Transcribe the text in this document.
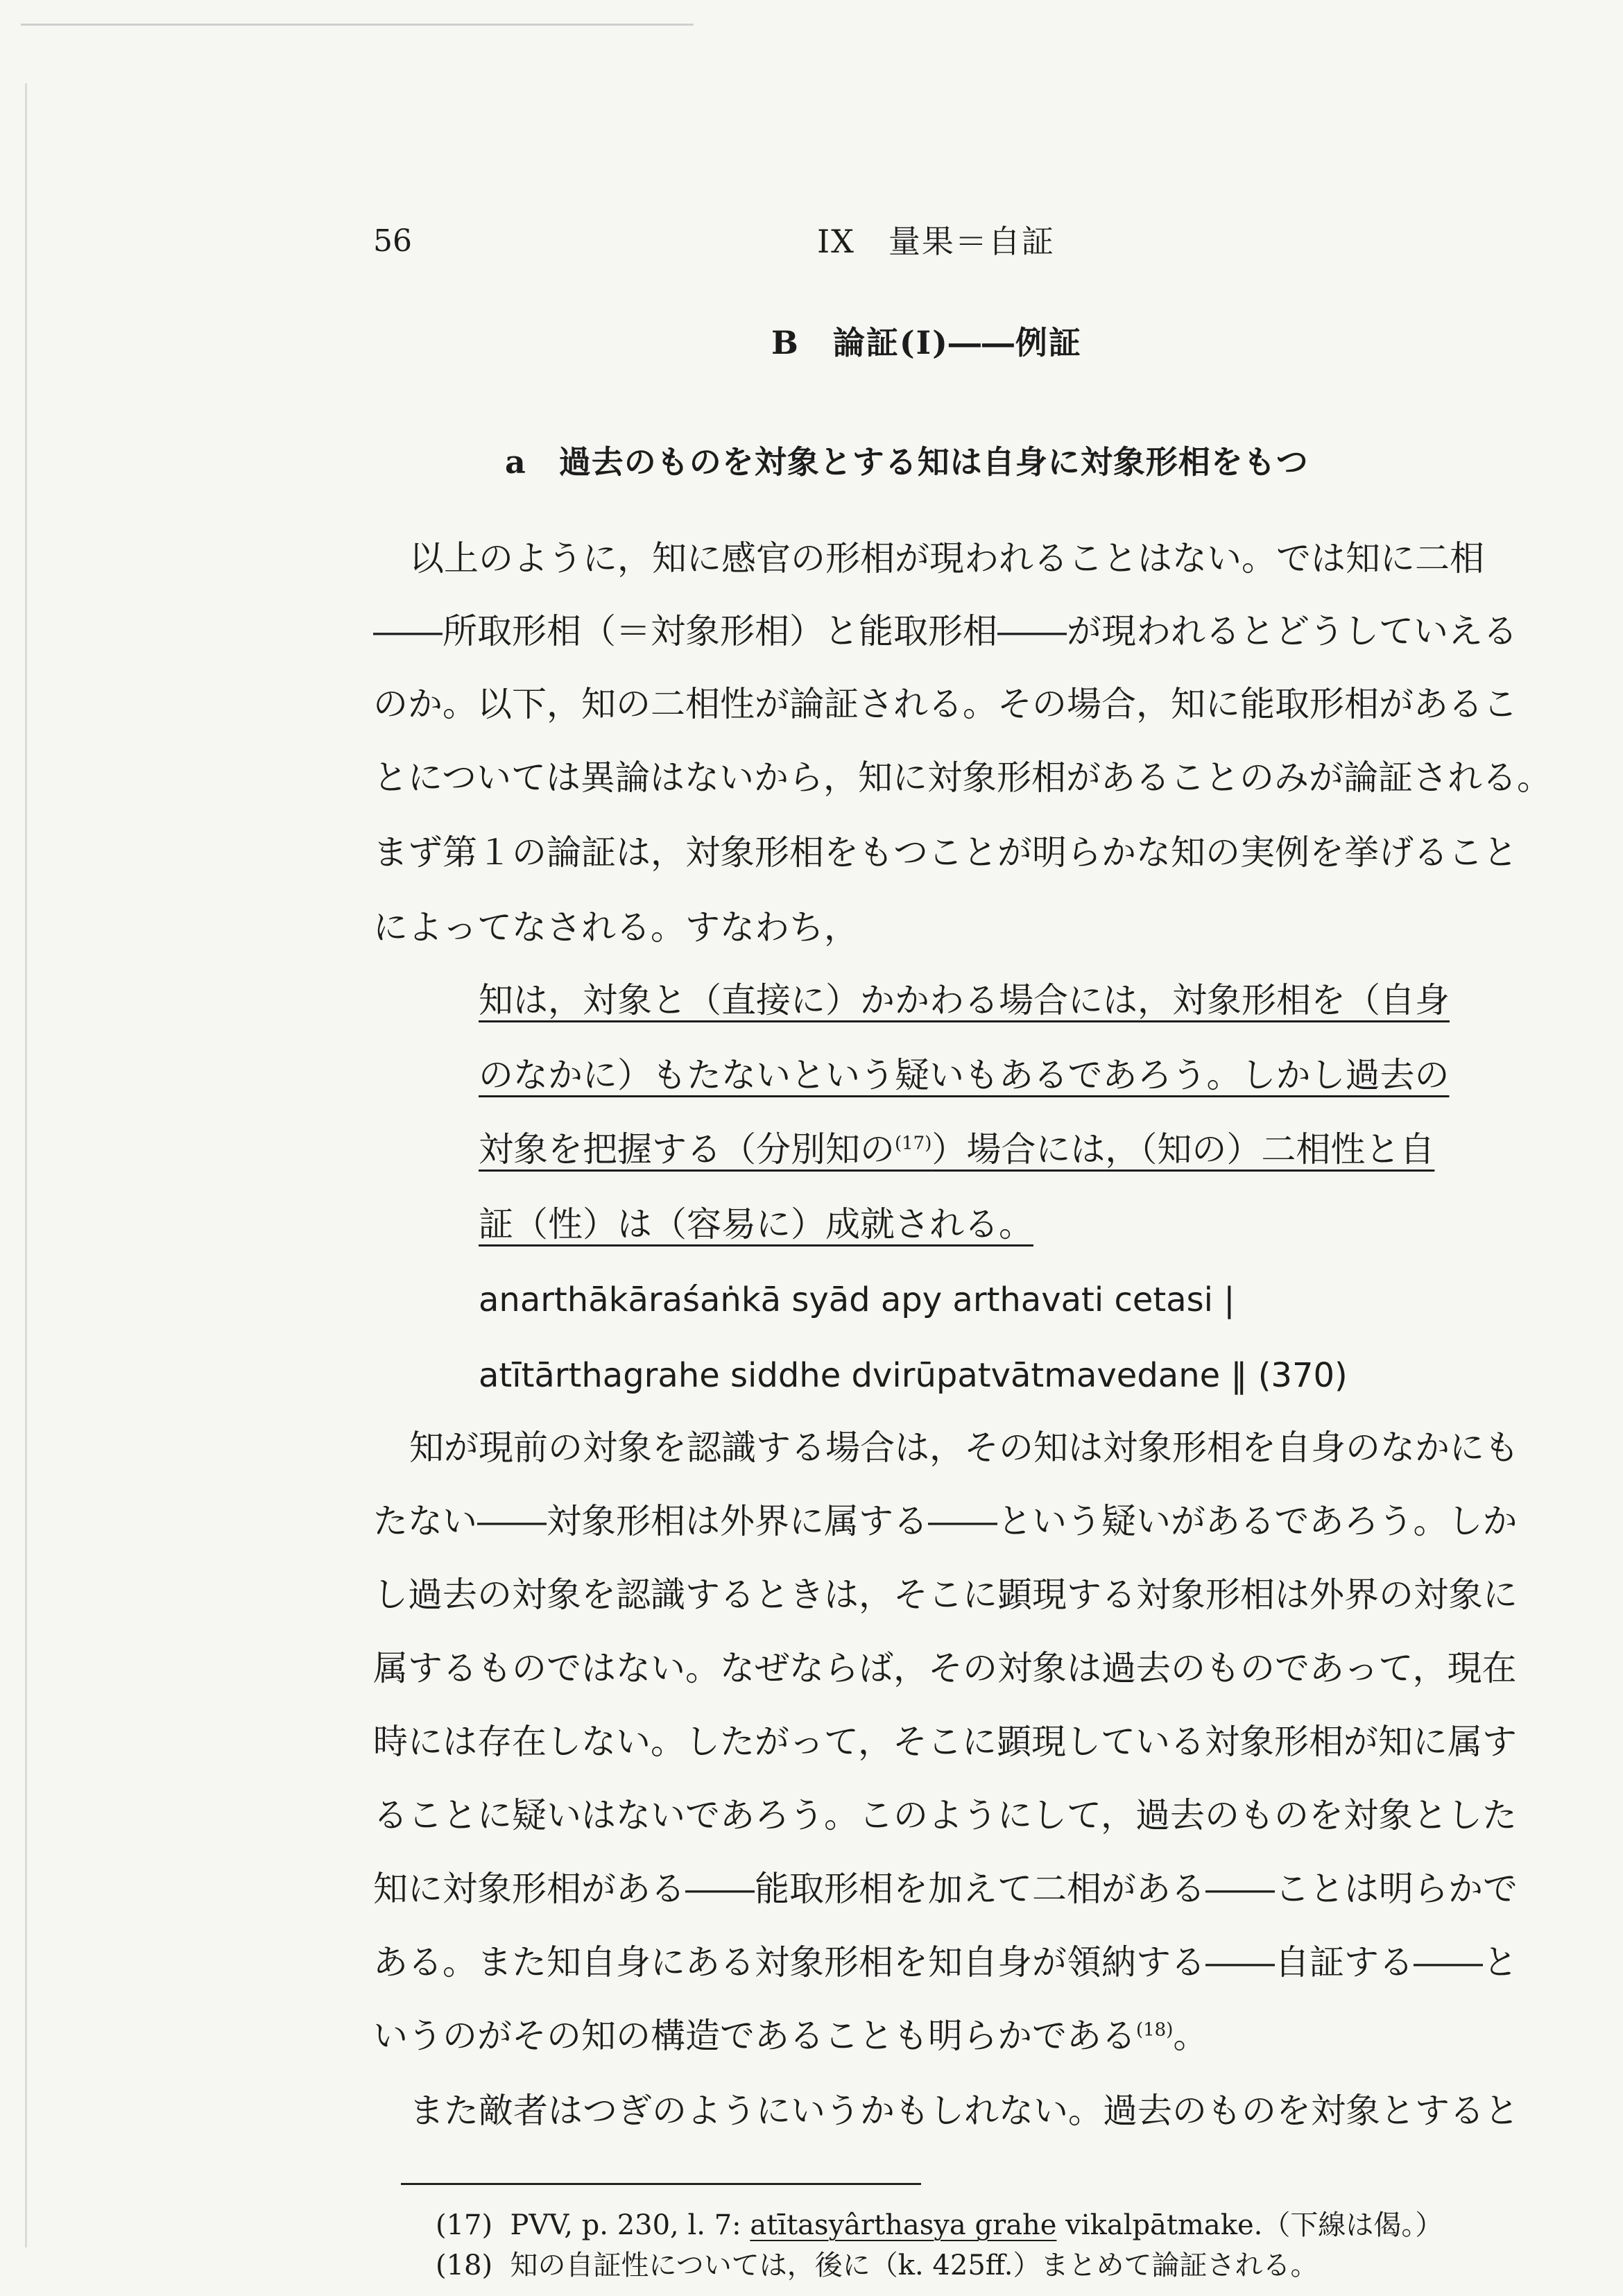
56	IX　量果＝自証
B　論証(Ⅰ)――例証
a　過去のものを対象とする知は自身に対象形相をもつ
以上のように，知に感官の形相が現われることはない。では知に二相
――所取形相（＝対象形相）と能取形相――が現われるとどうしていえる
のか。以下，知の二相性が論証される。その場合，知に能取形相があるこ
とについては異論はないから，知に対象形相があることのみが論証される。
まず第１の論証は，対象形相をもつことが明らかな知の実例を挙げること
によってなされる。すなわち，
知は，対象と（直接に）かかわる場合には，対象形相を（自身
のなかに）もたないという疑いもあるであろう。しかし過去の
対象を把握する（分別知の$^{(17)}$）場合には，（知の）二相性と自
証（性）は（容易に）成就される。
anarthākāraśaṅkā syād apy arthavati cetasi |
atītārthagrahe siddhe dvirūpatvātmavedane ‖ (370)
知が現前の対象を認識する場合は，その知は対象形相を自身のなかにも
たない――対象形相は外界に属する――という疑いがあるであろう。しか
し過去の対象を認識するときは，そこに顕現する対象形相は外界の対象に
属するものではない。なぜならば，その対象は過去のものであって，現在
時には存在しない。したがって，そこに顕現している対象形相が知に属す
ることに疑いはないであろう。このようにして，過去のものを対象とした
知に対象形相がある――能取形相を加えて二相がある――ことは明らかで
ある。また知自身にある対象形相を知自身が領納する――自証する――と
いうのがその知の構造であることも明らかである$^{(18)}$。
また敵者はつぎのようにいうかもしれない。過去のものを対象とすると
(17) PVV, p. 230, l. 7: atītasyârthasya grahe vikalpātmake.（下線は偈。）
(18) 知の自証性については，後に（k. 425ff.）まとめて論証される。
